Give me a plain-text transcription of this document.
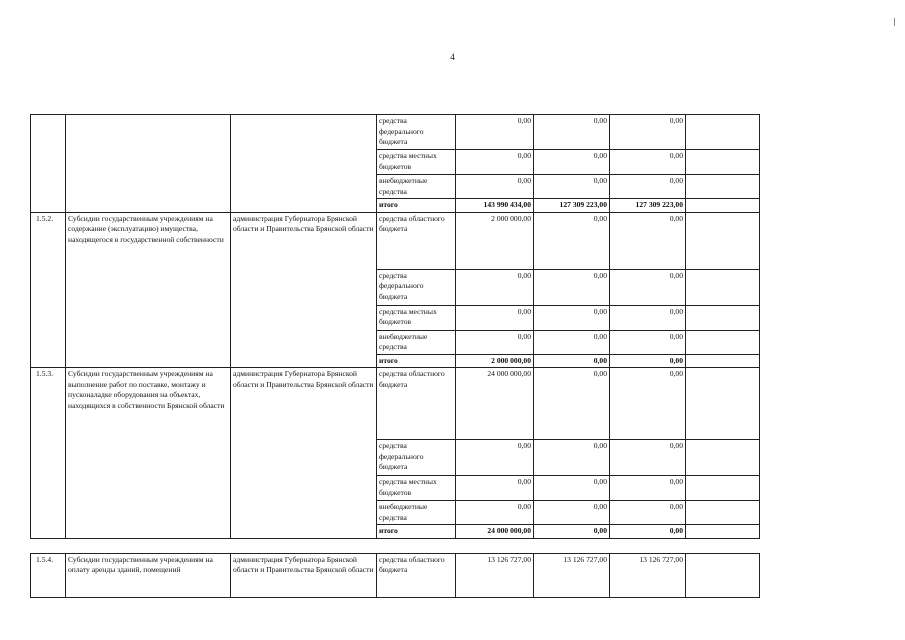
4
			средства федерального бюджета	0,00	0,00	0,00	
			средства местных бюджетов	0,00	0,00	0,00	
			внебюджетные средства	0,00	0,00	0,00	
			итого	143 990 434,00	127 309 223,00	127 309 223,00	
1.5.2.	Субсидии государственным учреждениям на содержание (эксплуатацию) имущества, находящегося в государственной собственности	администрация Губернатора Брянской области и Правительства Брянской области	средства областного бюджета	2 000 000,00	0,00	0,00	
			средства федерального бюджета	0,00	0,00	0,00	
			средства местных бюджетов	0,00	0,00	0,00	
			внебюджетные средства	0,00	0,00	0,00	
			итого	2 000 000,00	0,00	0,00	
1.5.3.	Субсидии государственным учреждениям на выполнение работ по поставке, монтажу и пусконаладке оборудования на объектах, находящихся в собственности Брянской области	администрация Губернатора Брянской области и Правительства Брянской области	средства областного бюджета	24 000 000,00	0,00	0,00	
			средства федерального бюджета	0,00	0,00	0,00	
			средства местных бюджетов	0,00	0,00	0,00	
			внебюджетные средства	0,00	0,00	0,00	
			итого	24 000 000,00	0,00	0,00	

1.5.4.	Субсидии государственным учреждениям на оплату аренды зданий, помещений	администрация Губернатора Брянской области и Правительства Брянской области	средства областного бюджета	13 126 727,00	13 126 727,00	13 126 727,00	
